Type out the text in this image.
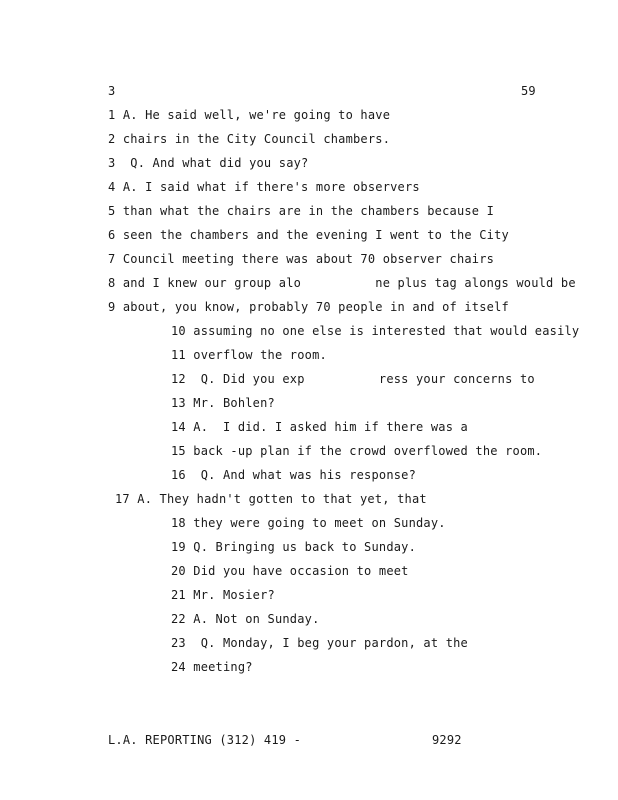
3	59
1 A. He said well, we're going to have
2 chairs in the City Council chambers.
3  Q. And what did you say?
4 A. I said what if there's more observers
5 than what the chairs are in the chambers because I
6 seen the chambers and the evening I went to the City
7 Council meeting there was about 70 observer chairs
8 and I knew our group alo          ne plus tag alongs would be
9 about, you know, probably 70 people in and of itself
10 assuming no one else is interested that would easily
11 overflow the room.
12  Q. Did you exp          ress your concerns to
13 Mr. Bohlen?
14 A.  I did. I asked him if there was a
15 back -up plan if the crowd overflowed the room.
16  Q. And what was his response?
17 A. They hadn't gotten to that yet, that
18 they were going to meet on Sunday.
19 Q. Bringing us back to Sunday.
20 Did you have occasion to meet
21 Mr. Mosier?
22 A. Not on Sunday.
23  Q. Monday, I beg your pardon, at the
24 meeting?
L.A. REPORTING (312) 419 -	9292
